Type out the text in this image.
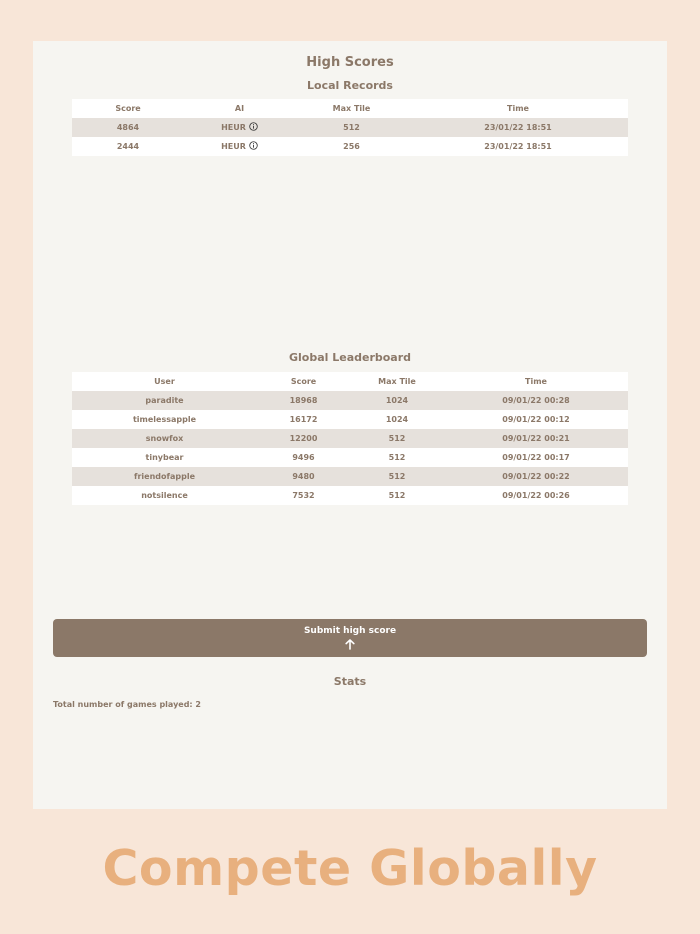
High Scores
Local Records
Score	AI	Max Tile	Time
4864	HEUR	512	23/01/22 18:51
2444	HEUR	256	23/01/22 18:51
Global Leaderboard
User	Score	Max Tile	Time
paradite	18968	1024	09/01/22 00:28
timelessapple	16172	1024	09/01/22 00:12
snowfox	12200	512	09/01/22 00:21
tinybear	9496	512	09/01/22 00:17
friendofapple	9480	512	09/01/22 00:22
notsilence	7532	512	09/01/22 00:26
Submit high score
Stats
Total number of games played: 2
Compete Globally
